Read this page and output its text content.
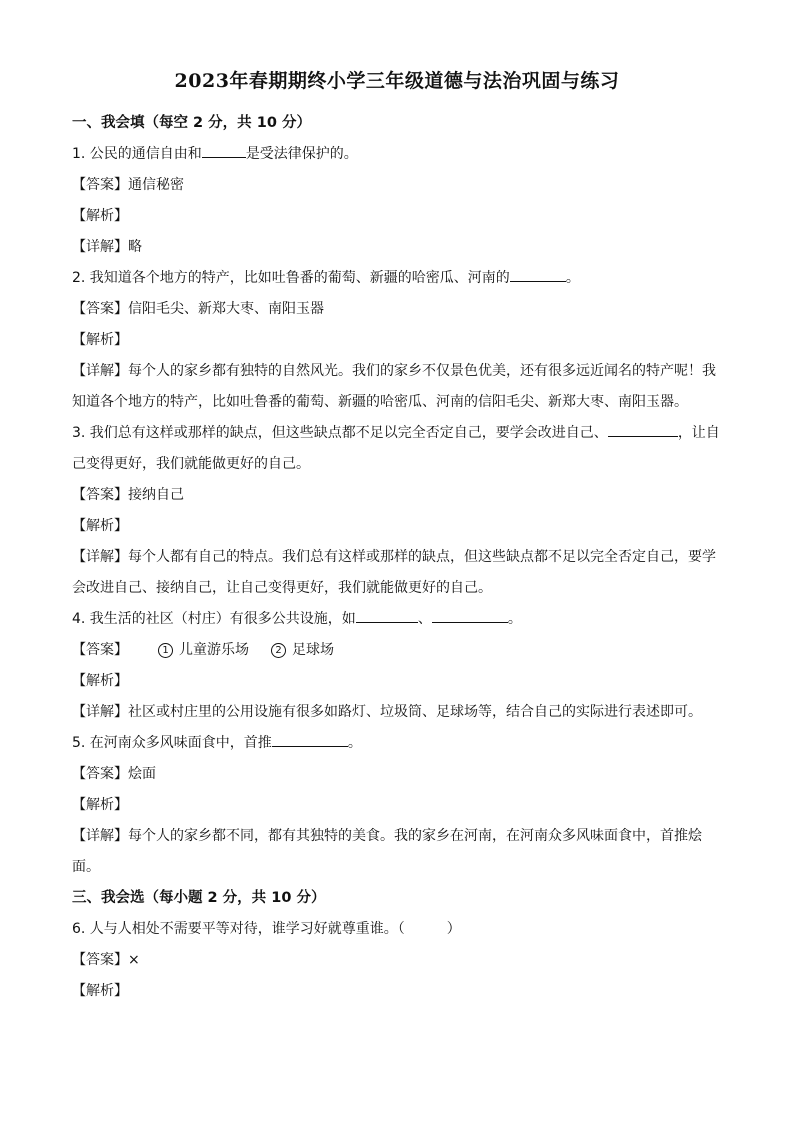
2023年春期期终小学三年级道德与法治巩固与练习
一、我会填（每空 2 分，共 10 分）
1. 公民的通信自由和	是受法律保护的。
【答案】通信秘密
【解析】
【详解】略
2. 我知道各个地方的特产，比如吐鲁番的葡萄、新疆的哈密瓜、河南的	。
【答案】信阳毛尖、新郑大枣、南阳玉器
【解析】
【详解】每个人的家乡都有独特的自然风光。我们的家乡不仅景色优美，还有很多远近闻名的特产呢！我知道各个地方的特产，比如吐鲁番的葡萄、新疆的哈密瓜、河南的信阳毛尖、新郑大枣、南阳玉器。
3. 我们总有这样或那样的缺点，但这些缺点都不足以完全否定自己，要学会改进自己、	，让自己变得更好，我们就能做更好的自己。
【答案】接纳自己
【解析】
【详解】每个人都有自己的特点。我们总有这样或那样的缺点，但这些缺点都不足以完全否定自己，要学会改进自己、接纳自己，让自己变得更好，我们就能做更好的自己。
4. 我生活的社区（村庄）有很多公共设施，如	、	。
【答案】	1 儿童游乐场	2 足球场
【解析】
【详解】社区或村庄里的公用设施有很多如路灯、垃圾筒、足球场等，结合自己的实际进行表述即可。
5. 在河南众多风味面食中，首推	。
【答案】烩面
【解析】
【详解】每个人的家乡都不同，都有其独特的美食。我的家乡在河南，在河南众多风味面食中，首推烩面。
三、我会选（每小题 2 分，共 10 分）
6. 人与人相处不需要平等对待，谁学习好就尊重谁。（　　　）
【答案】×
【解析】
